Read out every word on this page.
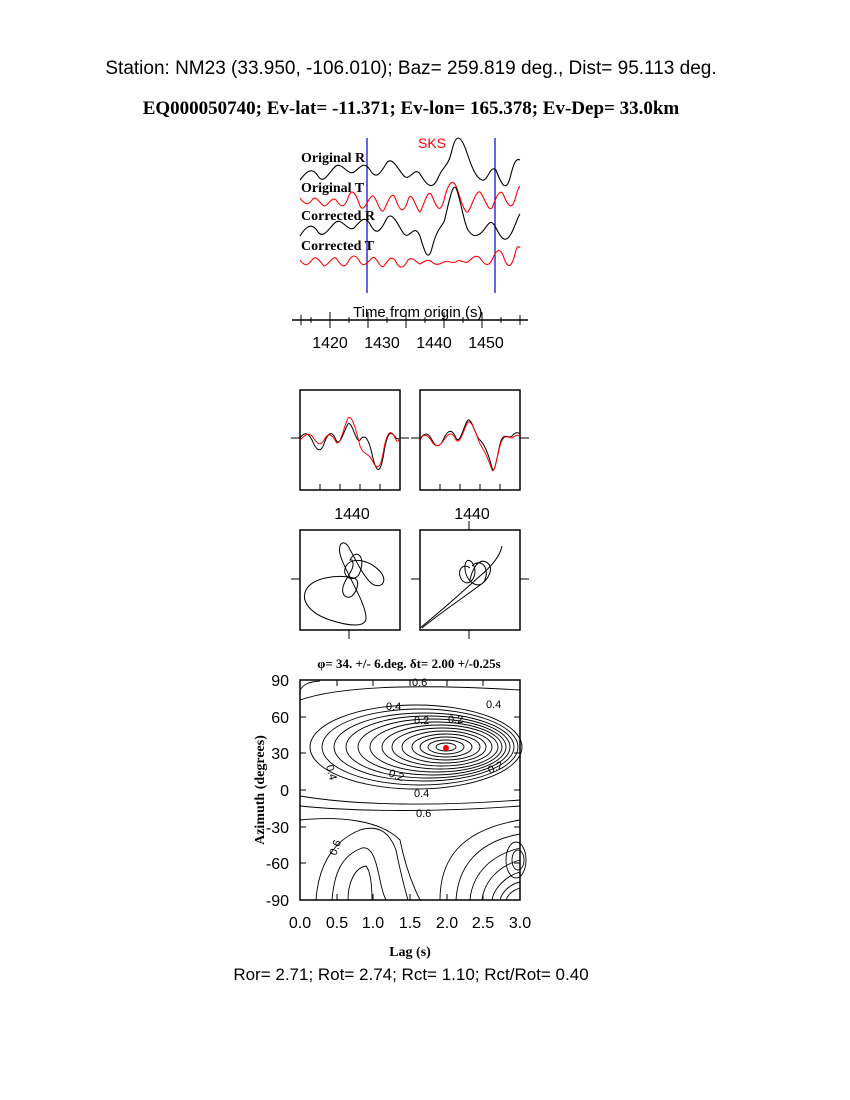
Station: NM23 (33.950, -106.010); Baz= 259.819 deg., Dist= 95.113 deg.
EQ000050740; Ev-lat= -11.371; Ev-lon= 165.378; Ev-Dep= 33.0km
SKS
Original R
Original T
Corrected R
Corrected T
Time from origin (s)
1420 1430 1440 1450
1440	1440
φ= 34. +/- 6.deg. δt= 2.00 +/-0.25s
0.6
0.4
0.2 0.2
0.4
0.4	0.2	0.2
0.4
0.6
0.6
90
60
30
0
-30
-60
-90
0.0 0.5 1.0 1.5 2.0 2.5 3.0
Lag (s)
Azimuth (degrees)
Ror= 2.71; Rot= 2.74; Rct= 1.10; Rct/Rot= 0.40
